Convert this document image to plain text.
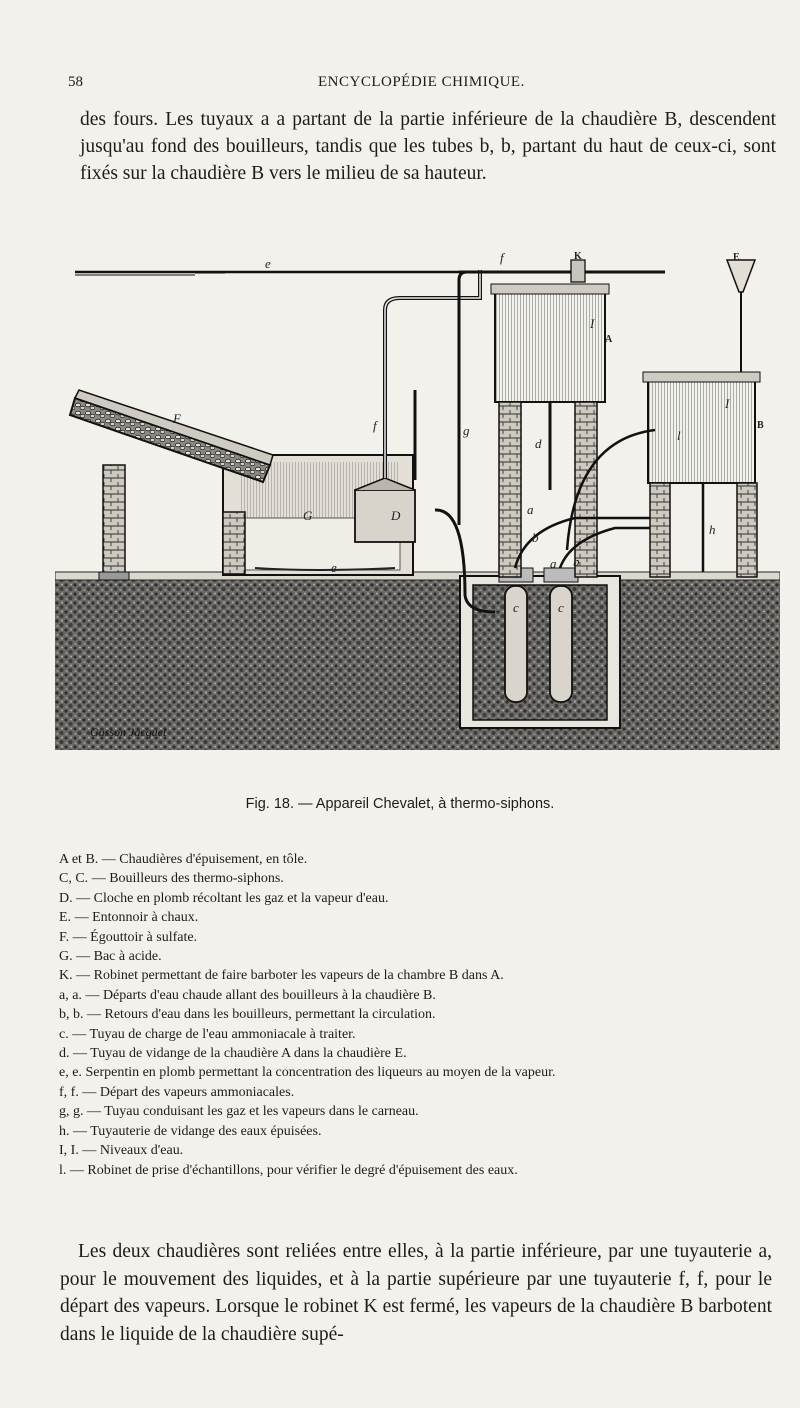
58	ENCYCLOPÉDIE CHIMIQUE.

des fours. Les tuyaux a a partant de la partie inférieure de la chaudière B, descendent jusqu'au fond des bouilleurs, tandis que les tubes b, b, partant du haut de ceux-ci, sont fixés sur la chaudière B vers le milieu de sa hauteur.

c	c
G
e
F
D
f	g
e	f	K	E
A
B
l
I
I
d
a
a
b
b
h
Gusson Jacquet
Fig. 18. — Appareil Chevalet, à thermo-siphons.
A et B. — Chaudières d'épuisement, en tôle.
C, C. — Bouilleurs des thermo-siphons.
D. — Cloche en plomb récoltant les gaz et la vapeur d'eau.
E. — Entonnoir à chaux.
F. — Égouttoir à sulfate.
G. — Bac à acide.
K. — Robinet permettant de faire barboter les vapeurs de la chambre B dans A.
a, a. — Départs d'eau chaude allant des bouilleurs à la chaudière B.
b, b. — Retours d'eau dans les bouilleurs, permettant la circulation.
c. — Tuyau de charge de l'eau ammoniacale à traiter.
d. — Tuyau de vidange de la chaudière A dans la chaudière E.
e, e. Serpentin en plomb permettant la concentration des liqueurs au moyen de la vapeur.
f, f. — Départ des vapeurs ammoniacales.
g, g. — Tuyau conduisant les gaz et les vapeurs dans le carneau.
h. — Tuyauterie de vidange des eaux épuisées.
I, I. — Niveaux d'eau.
l. — Robinet de prise d'échantillons, pour vérifier le degré d'épuisement des eaux.

Les deux chaudières sont reliées entre elles, à la partie inférieure, par une tuyauterie a, pour le mouvement des liquides, et à la partie supérieure par une tuyauterie f, f, pour le départ des vapeurs. Lorsque le robinet K est fermé, les vapeurs de la chaudière B barbotent dans le liquide de la chaudière supé-
